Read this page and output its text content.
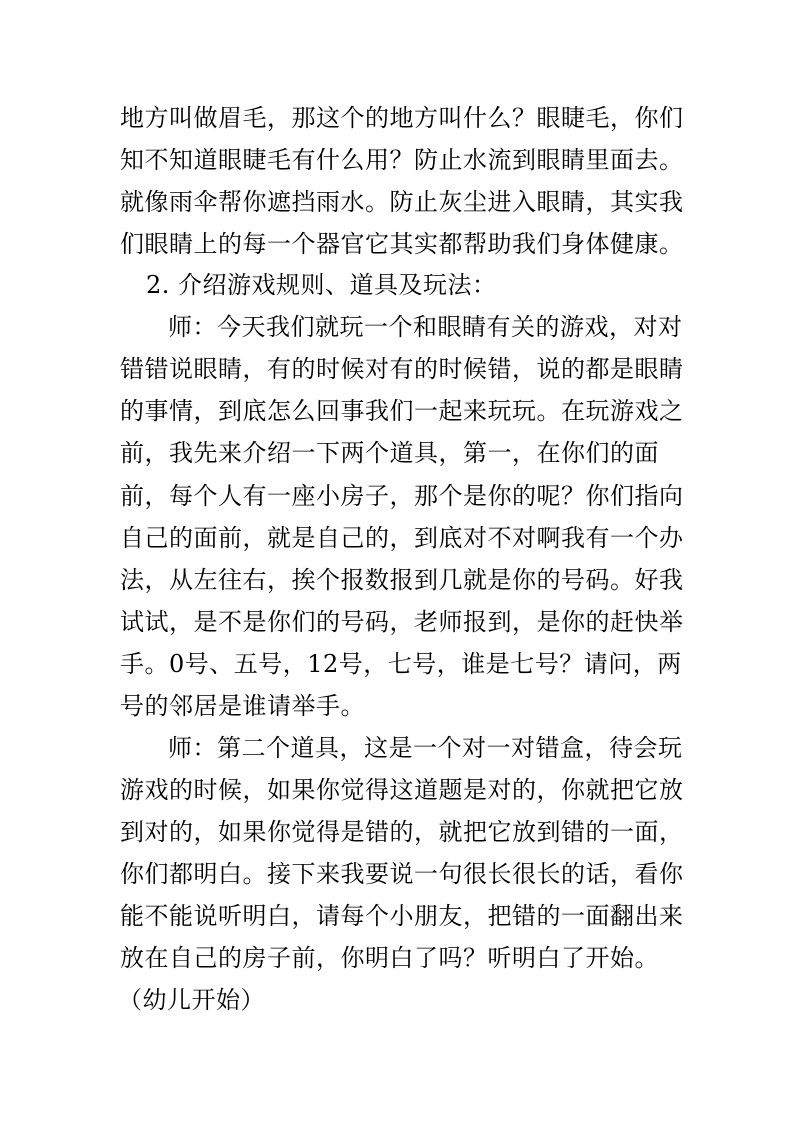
地方叫做眉毛，那这个的地方叫什么？眼睫毛，你们
知不知道眼睫毛有什么用？防止水流到眼睛里面去。
就像雨伞帮你遮挡雨水。防止灰尘进入眼睛，其实我
们眼睛上的每一个器官它其实都帮助我们身体健康。
2. 介绍游戏规则、道具及玩法：
师：今天我们就玩一个和眼睛有关的游戏，对对
错错说眼睛，有的时候对有的时候错，说的都是眼睛
的事情，到底怎么回事我们一起来玩玩。在玩游戏之
前，我先来介绍一下两个道具，第一，在你们的面
前，每个人有一座小房子，那个是你的呢？你们指向
自己的面前，就是自己的，到底对不对啊我有一个办
法，从左往右，挨个报数报到几就是你的号码。好我
试试，是不是你们的号码，老师报到，是你的赶快举
手。0号、五号，12号，七号，谁是七号？请问，两
号的邻居是谁请举手。
师：第二个道具，这是一个对一对错盒，待会玩
游戏的时候，如果你觉得这道题是对的，你就把它放
到对的，如果你觉得是错的，就把它放到错的一面，
你们都明白。接下来我要说一句很长很长的话，看你
能不能说听明白，请每个小朋友，把错的一面翻出来
放在自己的房子前，你明白了吗？听明白了开始。
（幼儿开始）
